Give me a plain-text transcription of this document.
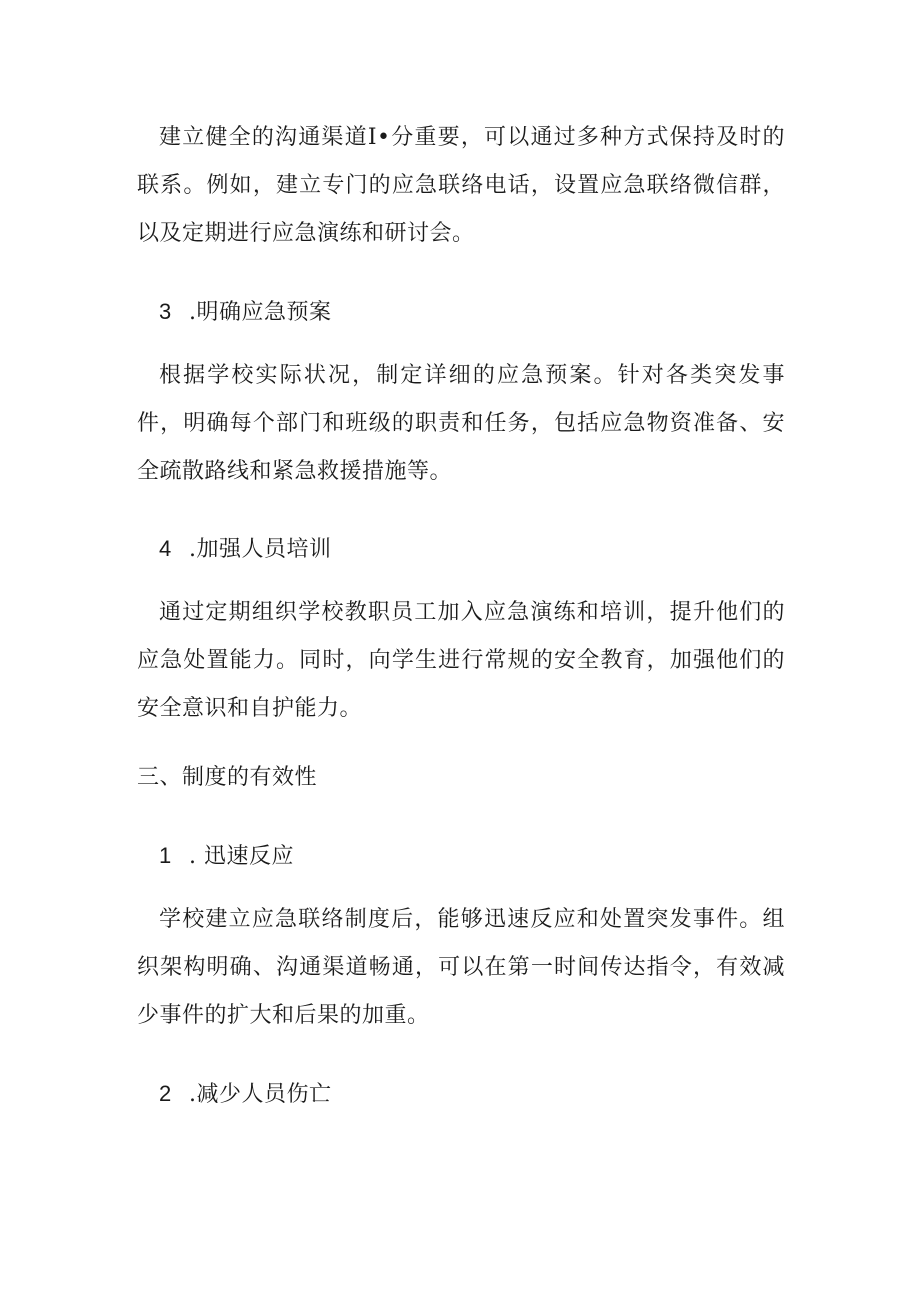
建立健全的沟通渠道I•分重要，可以通过多种方式保持及时的联系。例如，建立专门的应急联络电话，设置应急联络微信群，以及定期进行应急演练和研讨会。

3 .明确应急预案

根据学校实际状况，制定详细的应急预案。针对各类突发事件，明确每个部门和班级的职责和任务，包括应急物资准备、安全疏散路线和紧急救援措施等。

4 .加强人员培训

通过定期组织学校教职员工加入应急演练和培训，提升他们的应急处置能力。同时，向学生进行常规的安全教育，加强他们的安全意识和自护能力。

三、制度的有效性

1 . 迅速反应

学校建立应急联络制度后，能够迅速反应和处置突发事件。组织架构明确、沟通渠道畅通，可以在第一时间传达指令，有效减少事件的扩大和后果的加重。

2 .减少人员伤亡
